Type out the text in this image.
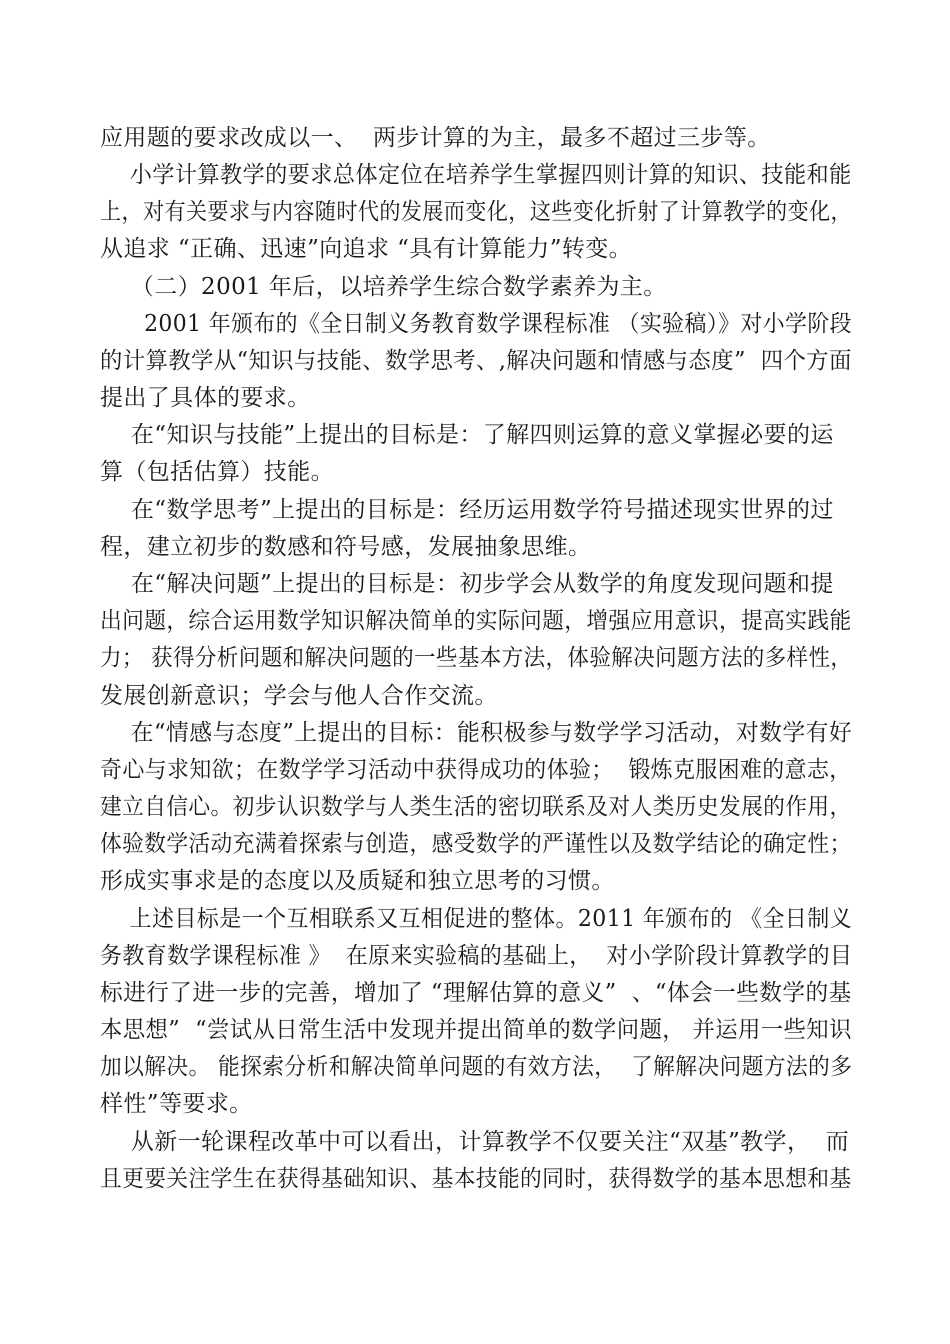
应用题的要求改成以一、  两步计算的为主，最多不超过三步等。
小学计算教学的要求总体定位在培养学生掌握四则计算的知识、技能和能
上，对有关要求与内容随时代的发展而变化，这些变化折射了计算教学的变化，
从追求 “正确、迅速”向追求 “具有计算能力”转变。
（二）2001 年后，以培养学生综合数学素养为主。
2001 年颁布的《全日制义务教育数学课程标准 （实验稿）》对小学阶段
的计算教学从“知识与技能、数学思考、,解决问题和情感与态度”  四个方面
提出了具体的要求。
在“知识与技能”上提出的目标是：了解四则运算的意义掌握必要的运
算（包括估算）技能。
在“数学思考”上提出的目标是：经历运用数学符号描述现实世界的过
程，建立初步的数感和符号感，发展抽象思维。
在“解决问题”上提出的目标是：初步学会从数学的角度发现问题和提
出问题，综合运用数学知识解决简单的实际问题，增强应用意识，提高实践能
力； 获得分析问题和解决问题的一些基本方法，体验解决问题方法的多样性，
发展创新意识；学会与他人合作交流。
在“情感与态度”上提出的目标：能积极参与数学学习活动，对数学有好
奇心与求知欲；在数学学习活动中获得成功的体验；  锻炼克服困难的意志，
建立自信心。初步认识数学与人类生活的密切联系及对人类历史发展的作用，
体验数学活动充满着探索与创造，感受数学的严谨性以及数学结论的确定性；
形成实事求是的态度以及质疑和独立思考的习惯。
上述目标是一个互相联系又互相促进的整体。2011 年颁布的 《全日制义
务教育数学课程标准 》  在原来实验稿的基础上，  对小学阶段计算教学的目
标进行了进一步的完善，增加了 “理解估算的意义”  、“体会一些数学的基
本思想”  “尝试从日常生活中发现并提出简单的数学问题， 并运用一些知识
加以解决。 能探索分析和解决简单问题的有效方法，  了解解决问题方法的多
样性”等要求。
从新一轮课程改革中可以看出，计算教学不仅要关注“双基”教学，  而
且更要关注学生在获得基础知识、基本技能的同时，获得数学的基本思想和基
